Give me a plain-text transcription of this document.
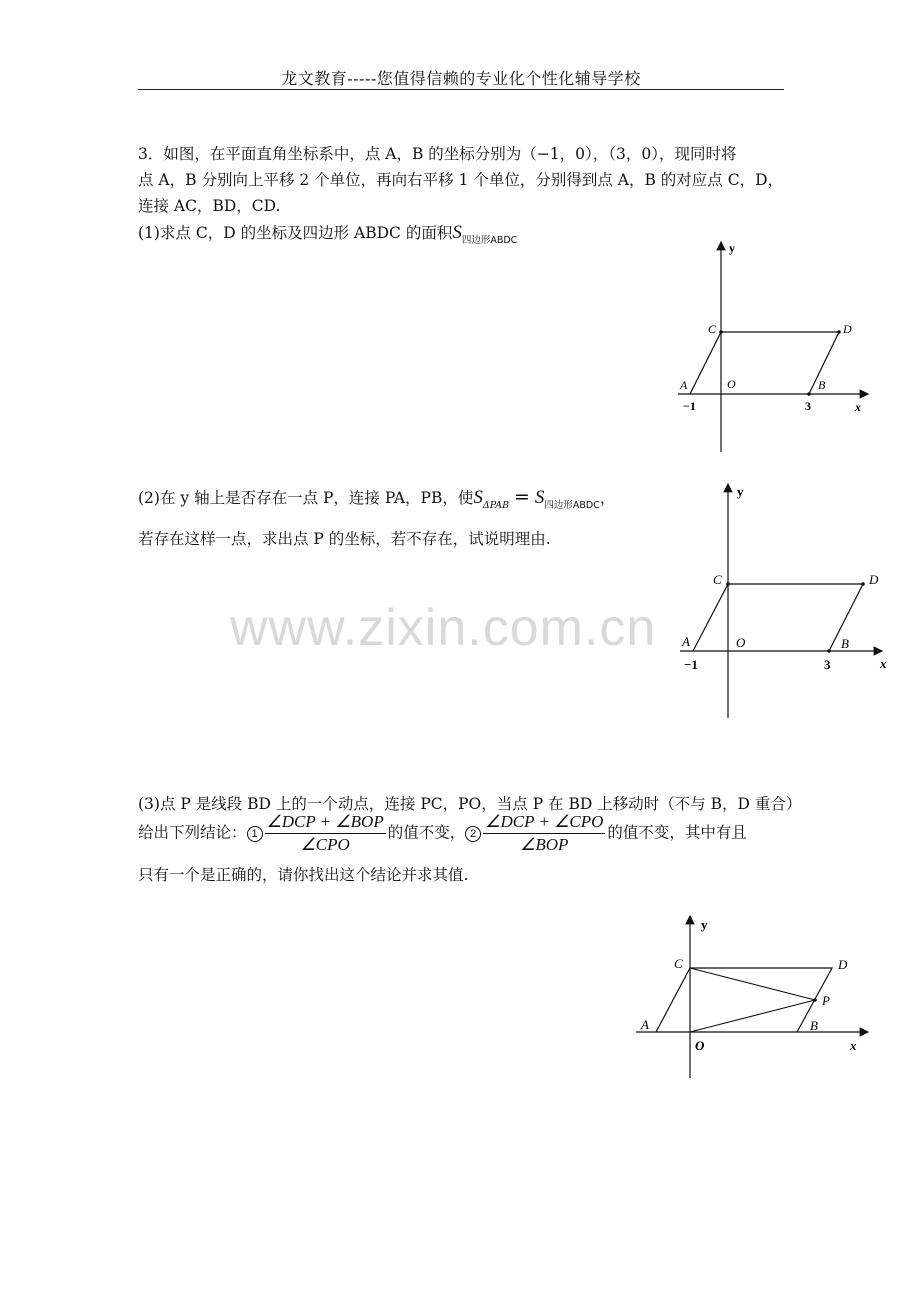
龙文教育-----您值得信赖的专业化个性化辅导学校
3．如图，在平面直角坐标系中，点 A，B 的坐标分别为（−1，0），（3，0），现同时将
点 A，B 分别向上平移 2 个单位，再向右平移 1 个单位，分别得到点 A，B 的对应点 C，D，
连接 AC，BD，CD.
(1)求点 C，D 的坐标及四边形 ABDC 的面积$S_{四边形ABDC}$
y
x
C	D
A	B
O
−1	3
(2)在 y 轴上是否存在一点 P，连接 PA，PB，使$S_{\Delta PAB} = S_{四边形ABDC}$，
若存在这样一点，求出点 P 的坐标，若不存在，试说明理由.
www.zixin.com.cn
y
x
C	D
A	B
O
−1	3
(3)点 P 是线段 BD 上的一个动点，连接 PC，PO，当点 P 在 BD 上移动时（不与 B，D 重合）
给出下列结论： $1 \frac{\text{∠DCP + ∠BOP}}{\text{∠CPO}}$ 的值不变， $2 \frac{\text{∠DCP + ∠CPO}}{\text{∠BOP}}$ 的值不变，其中有且
只有一个是正确的，请你找出这个结论并求其值.
y
x
C	D
A	B
O
P
